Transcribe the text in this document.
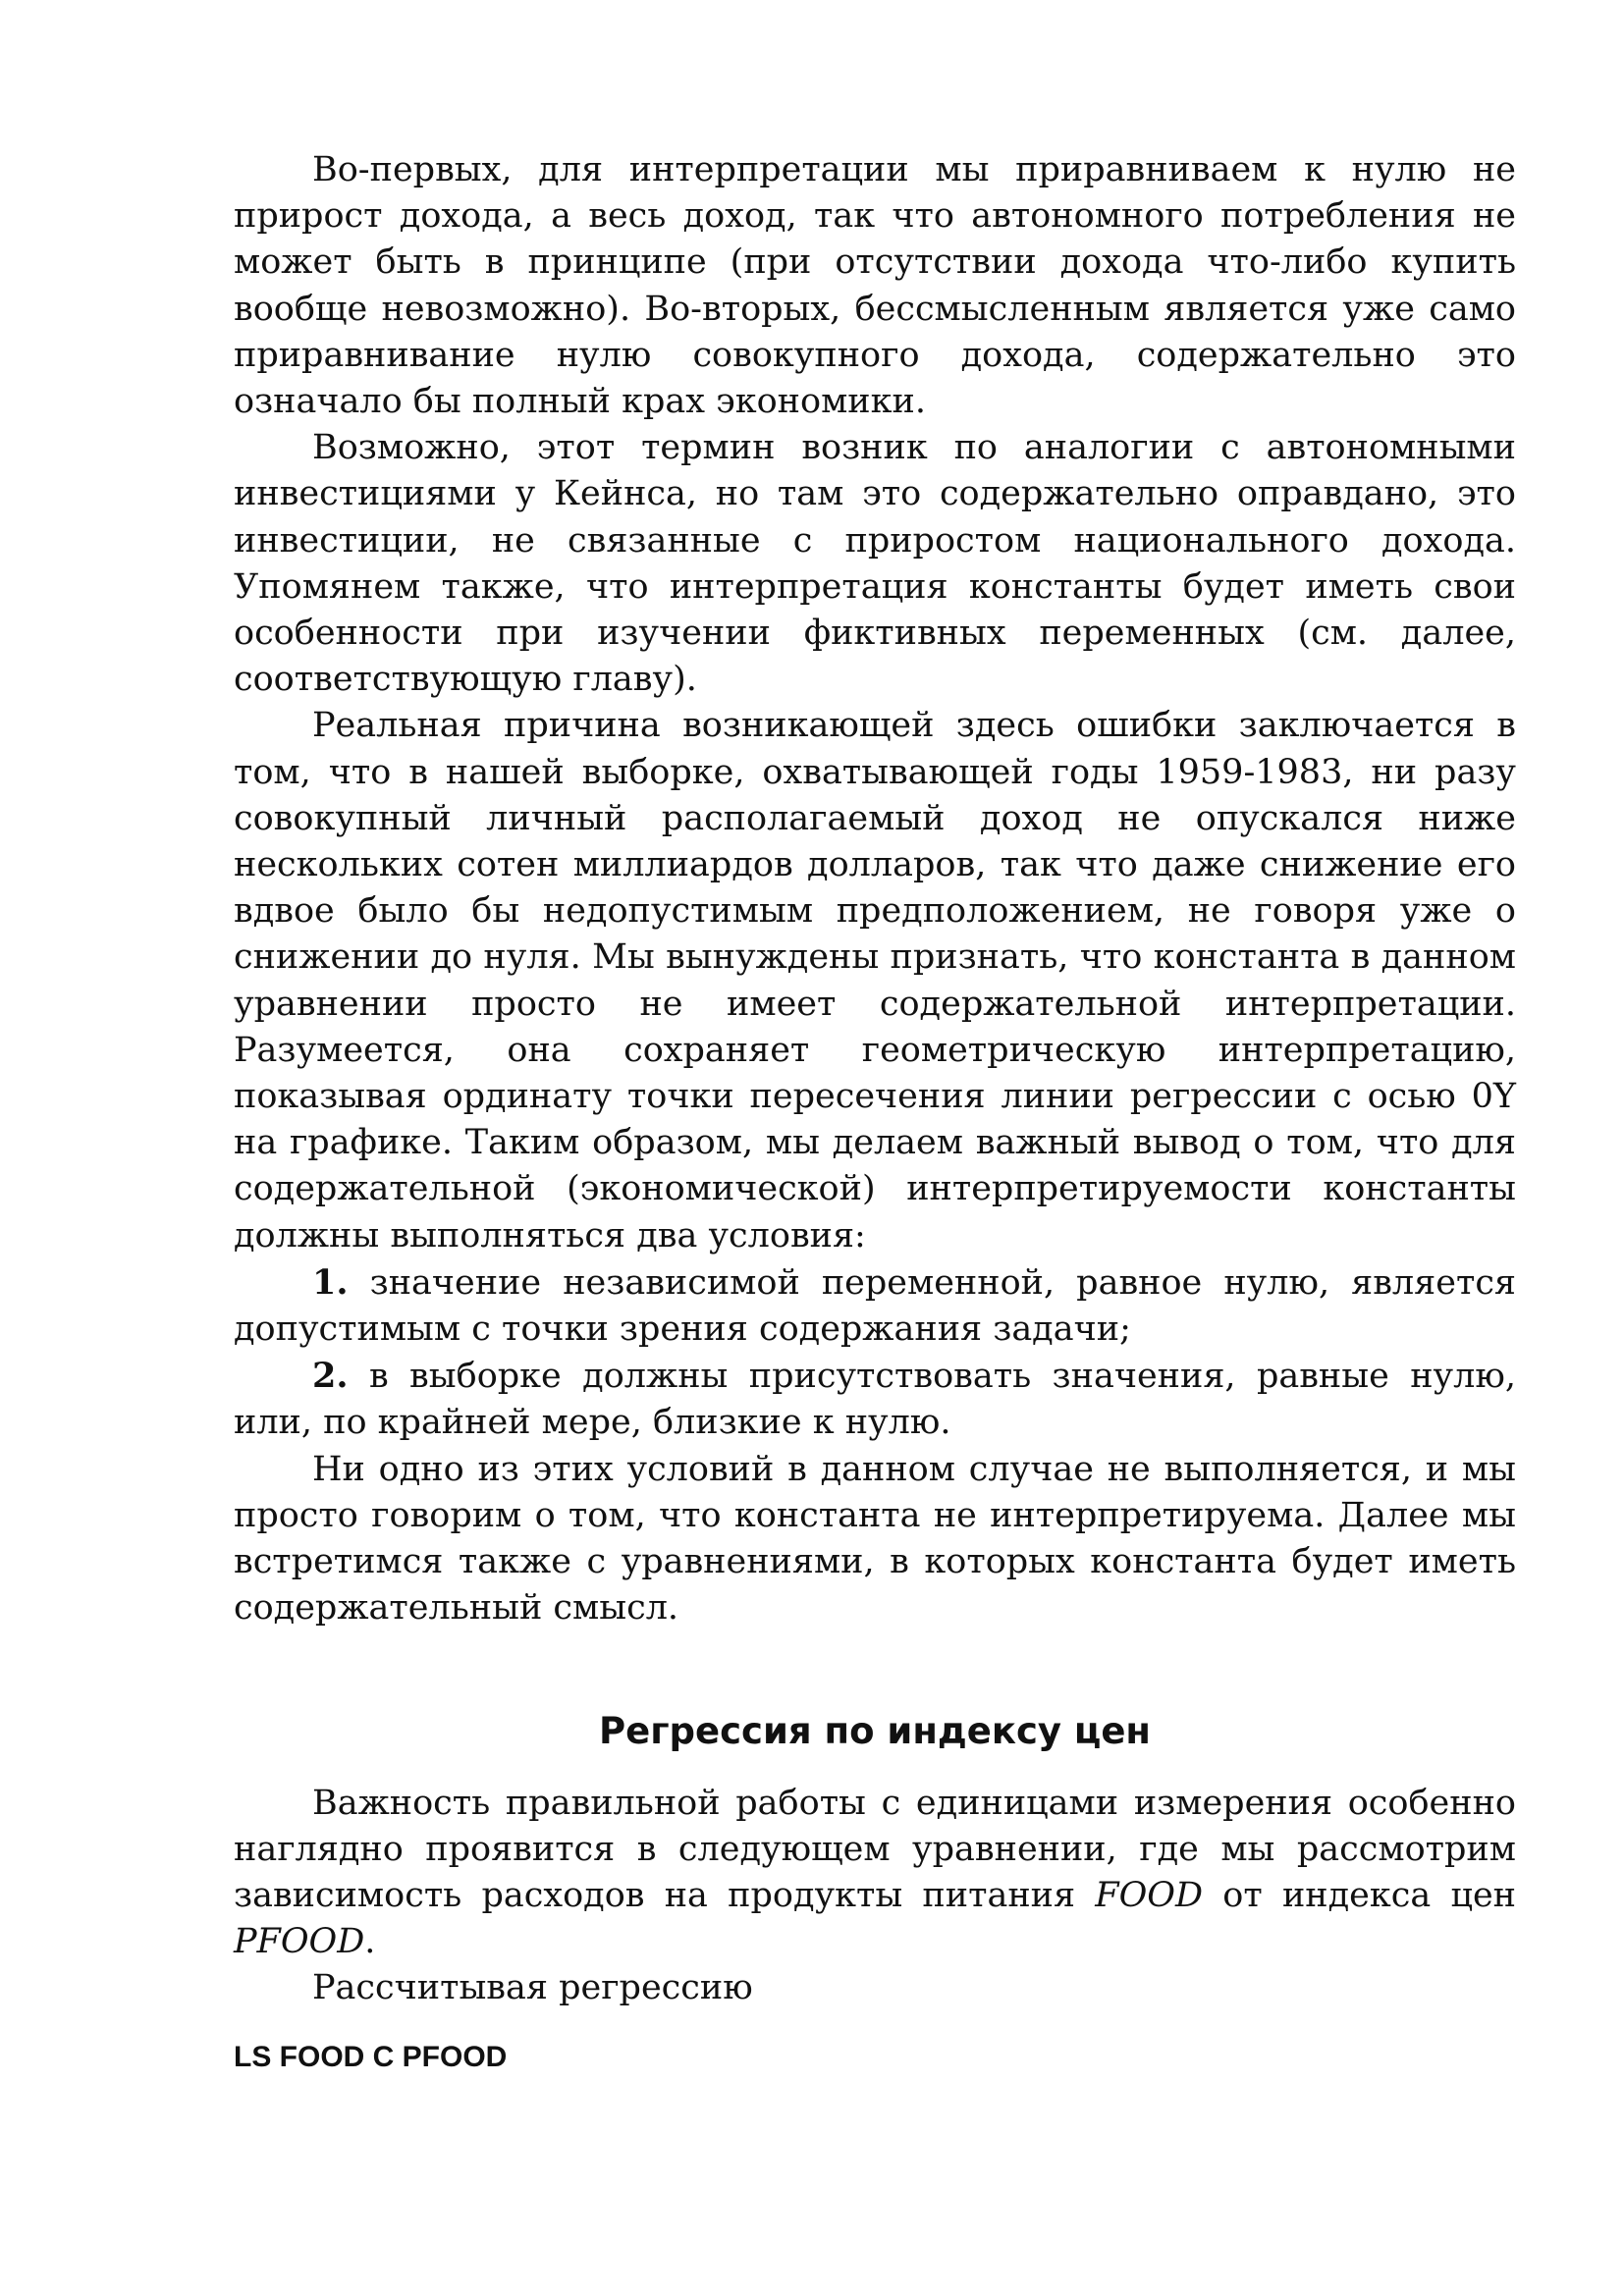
Во-первых, для интерпретации мы приравниваем к нулю не прирост дохода, а весь доход, так что автономного потребления не может быть в принципе (при отсутствии дохода что-либо купить вообще невозможно). Во-вторых, бессмысленным является уже само приравнивание нулю совокупного дохода, содержательно это означало бы полный крах экономики.

Возможно, этот термин возник по аналогии с автономными инвестициями у Кейнса, но там это содержательно оправдано, это инвестиции, не связанные с приростом национального дохода. Упомянем также, что интерпретация константы будет иметь свои особенности при изучении фиктивных переменных (см. далее, соответствующую главу).

Реальная причина возникающей здесь ошибки заключается в том, что в нашей выборке, охватывающей годы 1959-1983, ни разу совокупный личный располагаемый доход не опускался ниже нескольких сотен миллиардов долларов, так что даже снижение его вдвое было бы недопустимым предположением, не говоря уже о снижении до нуля. Мы вынуждены признать, что константа в данном уравнении просто не имеет содержательной интерпретации. Разумеется, она сохраняет геометрическую интерпретацию, показывая ординату точки пересечения линии регрессии с осью 0Y на графике. Таким образом, мы делаем важный вывод о том, что для содержательной (экономической) интерпретируемости константы должны выполняться два условия:

1. значение независимой переменной, равное нулю, является допустимым с точки зрения содержания задачи;

2. в выборке должны присутствовать значения, равные нулю, или, по крайней мере, близкие к нулю.

Ни одно из этих условий в данном случае не выполняется, и мы просто говорим о том, что константа не интерпретируема. Далее мы встретимся также с уравнениями, в которых константа будет иметь содержательный смысл.

Регрессия по индексу цен

Важность правильной работы с единицами измерения особенно наглядно проявится в следующем уравнении, где мы рассмотрим зависимость расходов на продукты питания FOOD от индекса цен PFOOD.

Рассчитывая регрессию

LS FOOD C PFOOD
